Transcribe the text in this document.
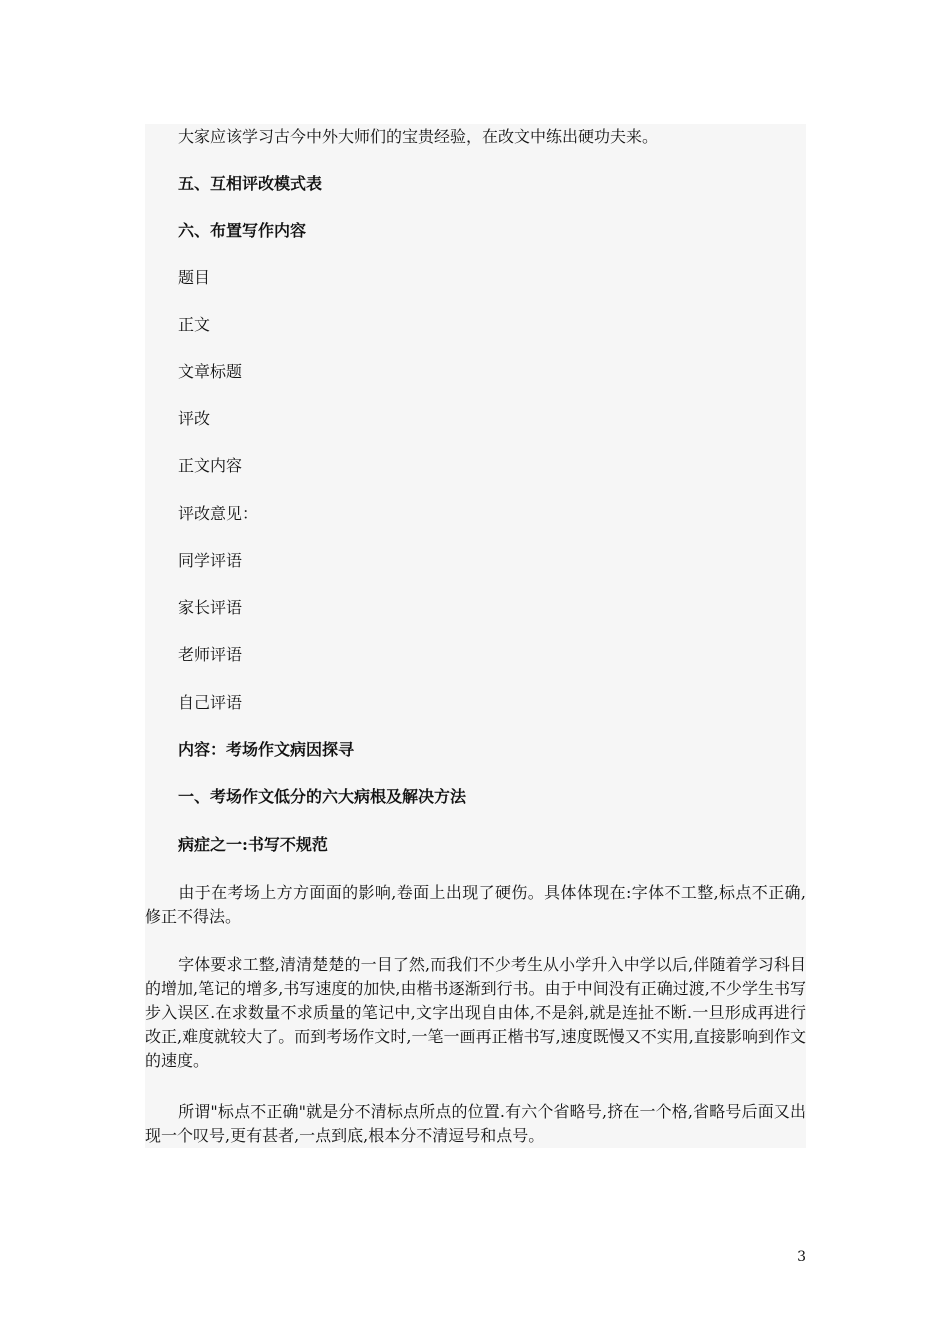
大家应该学习古今中外大师们的宝贵经验，在改文中练出硬功夫来。

五、互相评改模式表

六、布置写作内容

题目

正文

文章标题

评改

正文内容

评改意见：

同学评语

家长评语

老师评语

自己评语

内容：考场作文病因探寻

一、考场作文低分的六大病根及解决方法

病症之一:书写不规范

由于在考场上方方面面的影响,卷面上出现了硬伤。具体体现在:字体不工整,标点不正确,修正不得法。

字体要求工整,清清楚楚的一目了然,而我们不少考生从小学升入中学以后,伴随着学习科目的增加,笔记的增多,书写速度的加快,由楷书逐渐到行书。由于中间没有正确过渡,不少学生书写步入误区.在求数量不求质量的笔记中,文字出现自由体,不是斜,就是连扯不断.一旦形成再进行改正,难度就较大了。而到考场作文时,一笔一画再正楷书写,速度既慢又不实用,直接影响到作文的速度。

所谓"标点不正确"就是分不清标点所点的位置.有六个省略号,挤在一个格,省略号后面又出现一个叹号,更有甚者,一点到底,根本分不清逗号和点号。

3
